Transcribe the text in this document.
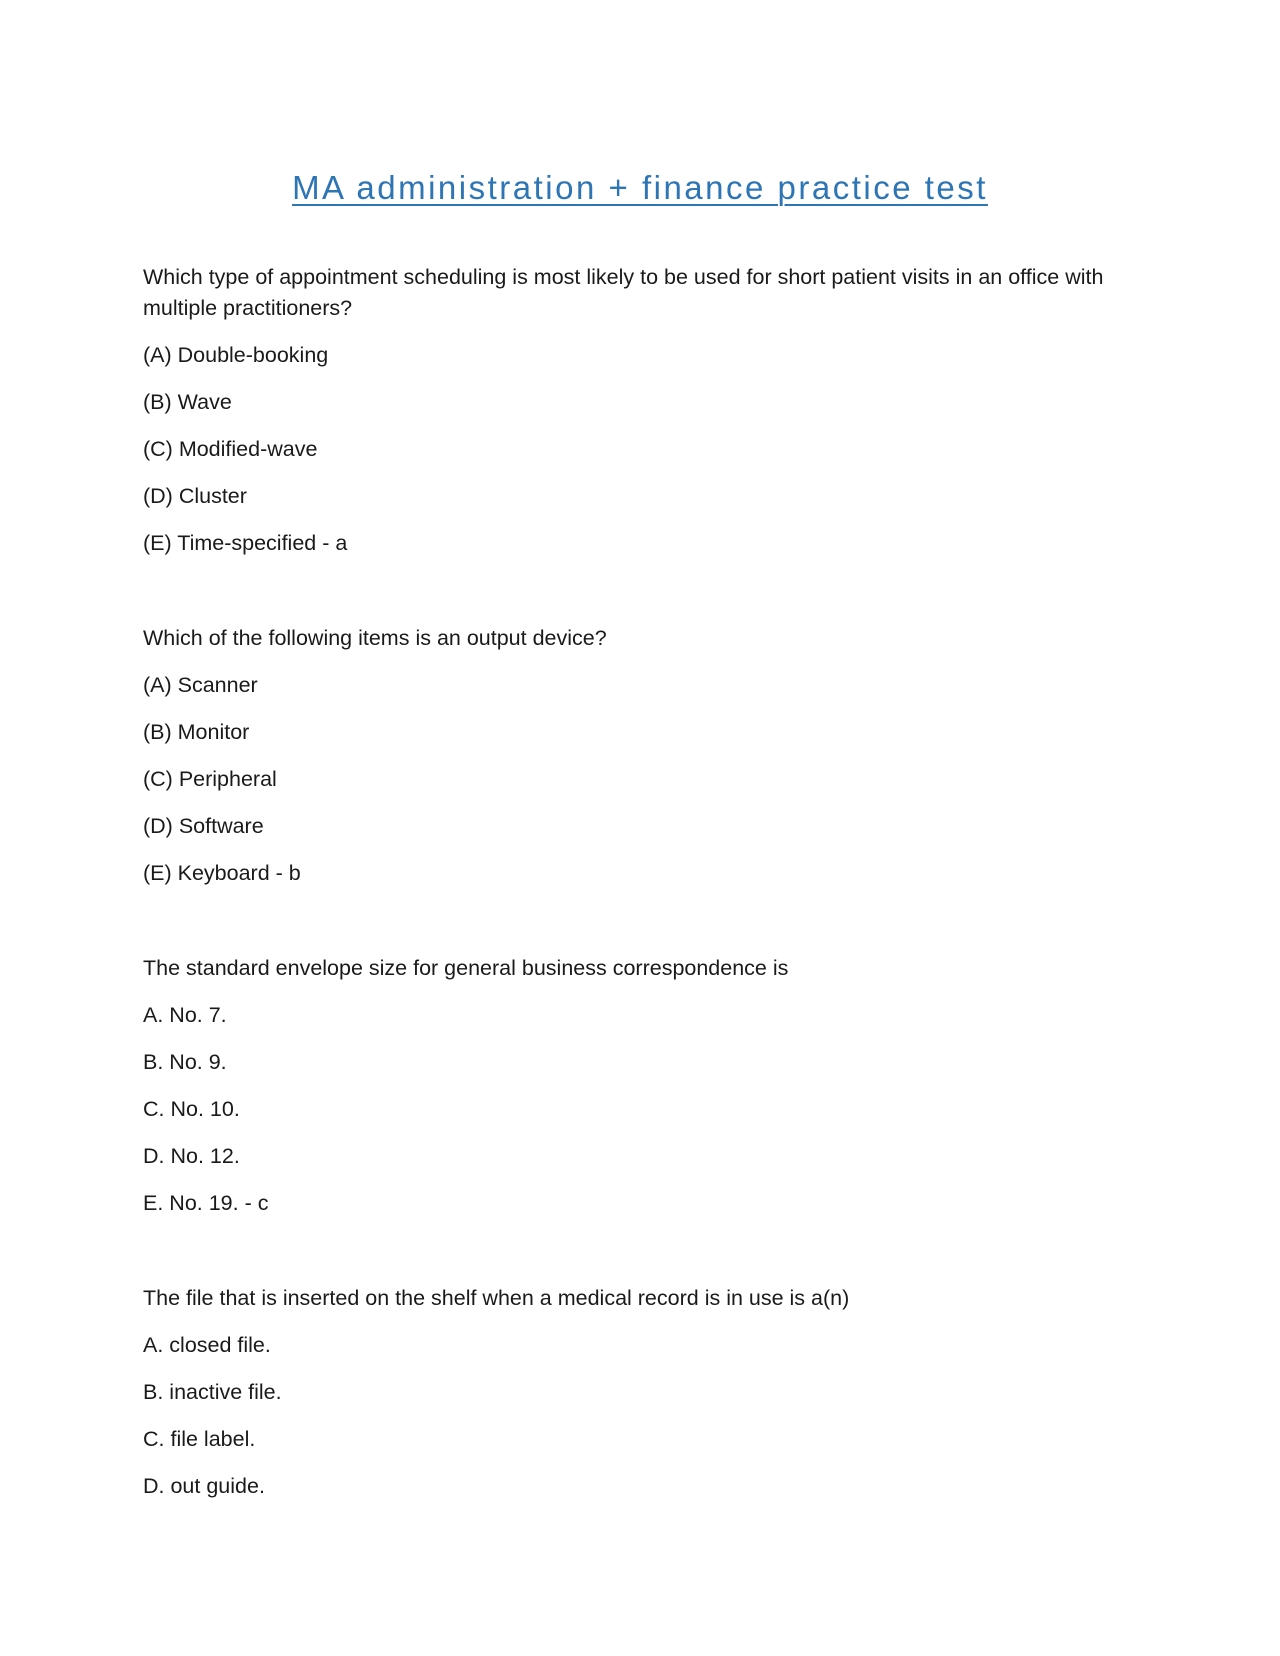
MA administration + finance practice test

Which type of appointment scheduling is most likely to be used for short patient visits in an office with multiple practitioners?

(A) Double-booking

(B) Wave

(C) Modified-wave

(D) Cluster

(E) Time-specified - a

Which of the following items is an output device?

(A) Scanner

(B) Monitor

(C) Peripheral

(D) Software

(E) Keyboard - b

The standard envelope size for general business correspondence is

A. No. 7.

B. No. 9.

C. No. 10.

D. No. 12.

E. No. 19. - c

The file that is inserted on the shelf when a medical record is in use is a(n)

A. closed file.

B. inactive file.

C. file label.

D. out guide.
